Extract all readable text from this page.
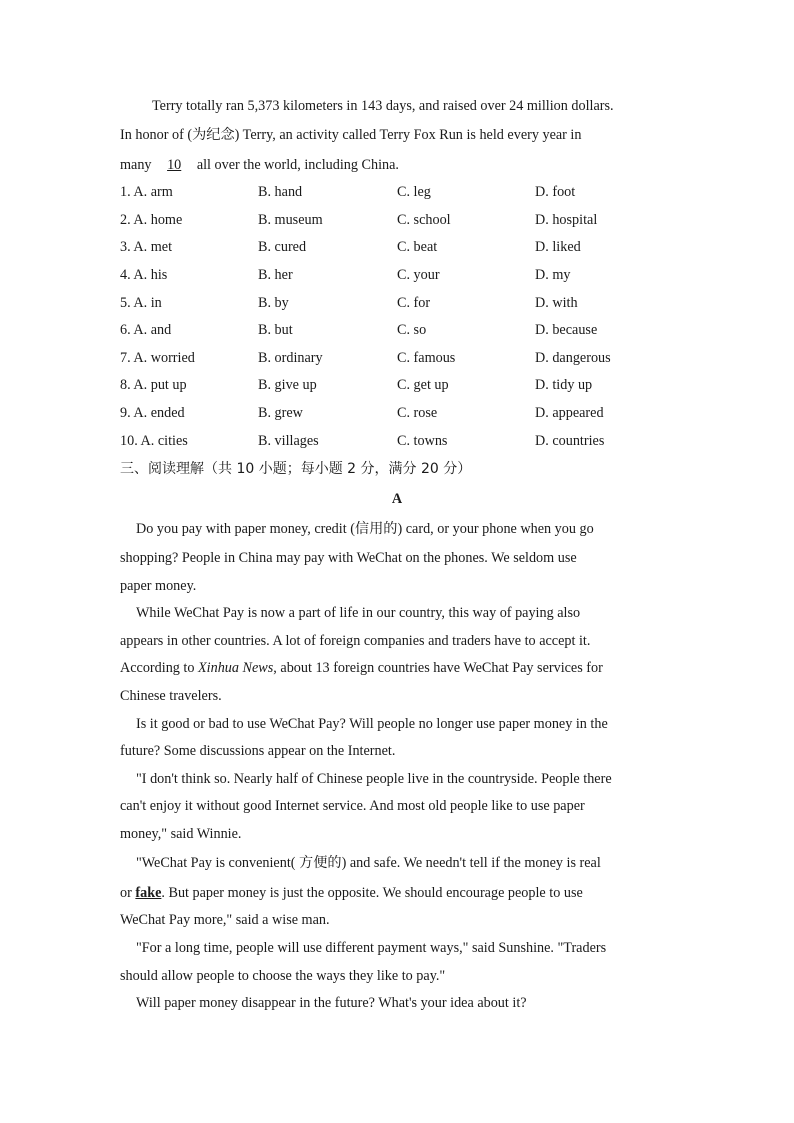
Terry totally ran 5,373 kilometers in 143 days, and raised over 24 million dollars.
In honor of (为纪念) Terry, an activity called Terry Fox Run is held every year in
many 10 all over the world, including China.
1. A. arm	B. hand	C. leg	D. foot
2. A. home	B. museum	C. school	D. hospital
3. A. met	B. cured	C. beat	D. liked
4. A. his	B. her	C. your	D. my
5. A. in	B. by	C. for	D. with
6. A. and	B. but	C. so	D. because
7. A. worried	B. ordinary	C. famous	D. dangerous
8. A. put up	B. give up	C. get up	D. tidy up
9. A. ended	B. grew	C. rose	D. appeared
10. A. cities	B. villages	C. towns	D. countries
三、阅读理解（共 10 小题；每小题 2 分，满分 20 分）
A
Do you pay with paper money, credit (信用的) card, or your phone when you go
shopping? People in China may pay with WeChat on the phones. We seldom use
paper money.
While WeChat Pay is now a part of life in our country, this way of paying also
appears in other countries. A lot of foreign companies and traders have to accept it.
According to Xinhua News, about 13 foreign countries have WeChat Pay services for
Chinese travelers.
Is it good or bad to use WeChat Pay? Will people no longer use paper money in the
future? Some discussions appear on the Internet.
"I don't think so. Nearly half of Chinese people live in the countryside. People there
can't enjoy it without good Internet service. And most old people like to use paper
money," said Winnie.
"WeChat Pay is convenient( 方便的) and safe. We needn't tell if the money is real
or fake. But paper money is just the opposite. We should encourage people to use
WeChat Pay more," said a wise man.
"For a long time, people will use different payment ways," said Sunshine. "Traders
should allow people to choose the ways they like to pay."
Will paper money disappear in the future? What's your idea about it?
